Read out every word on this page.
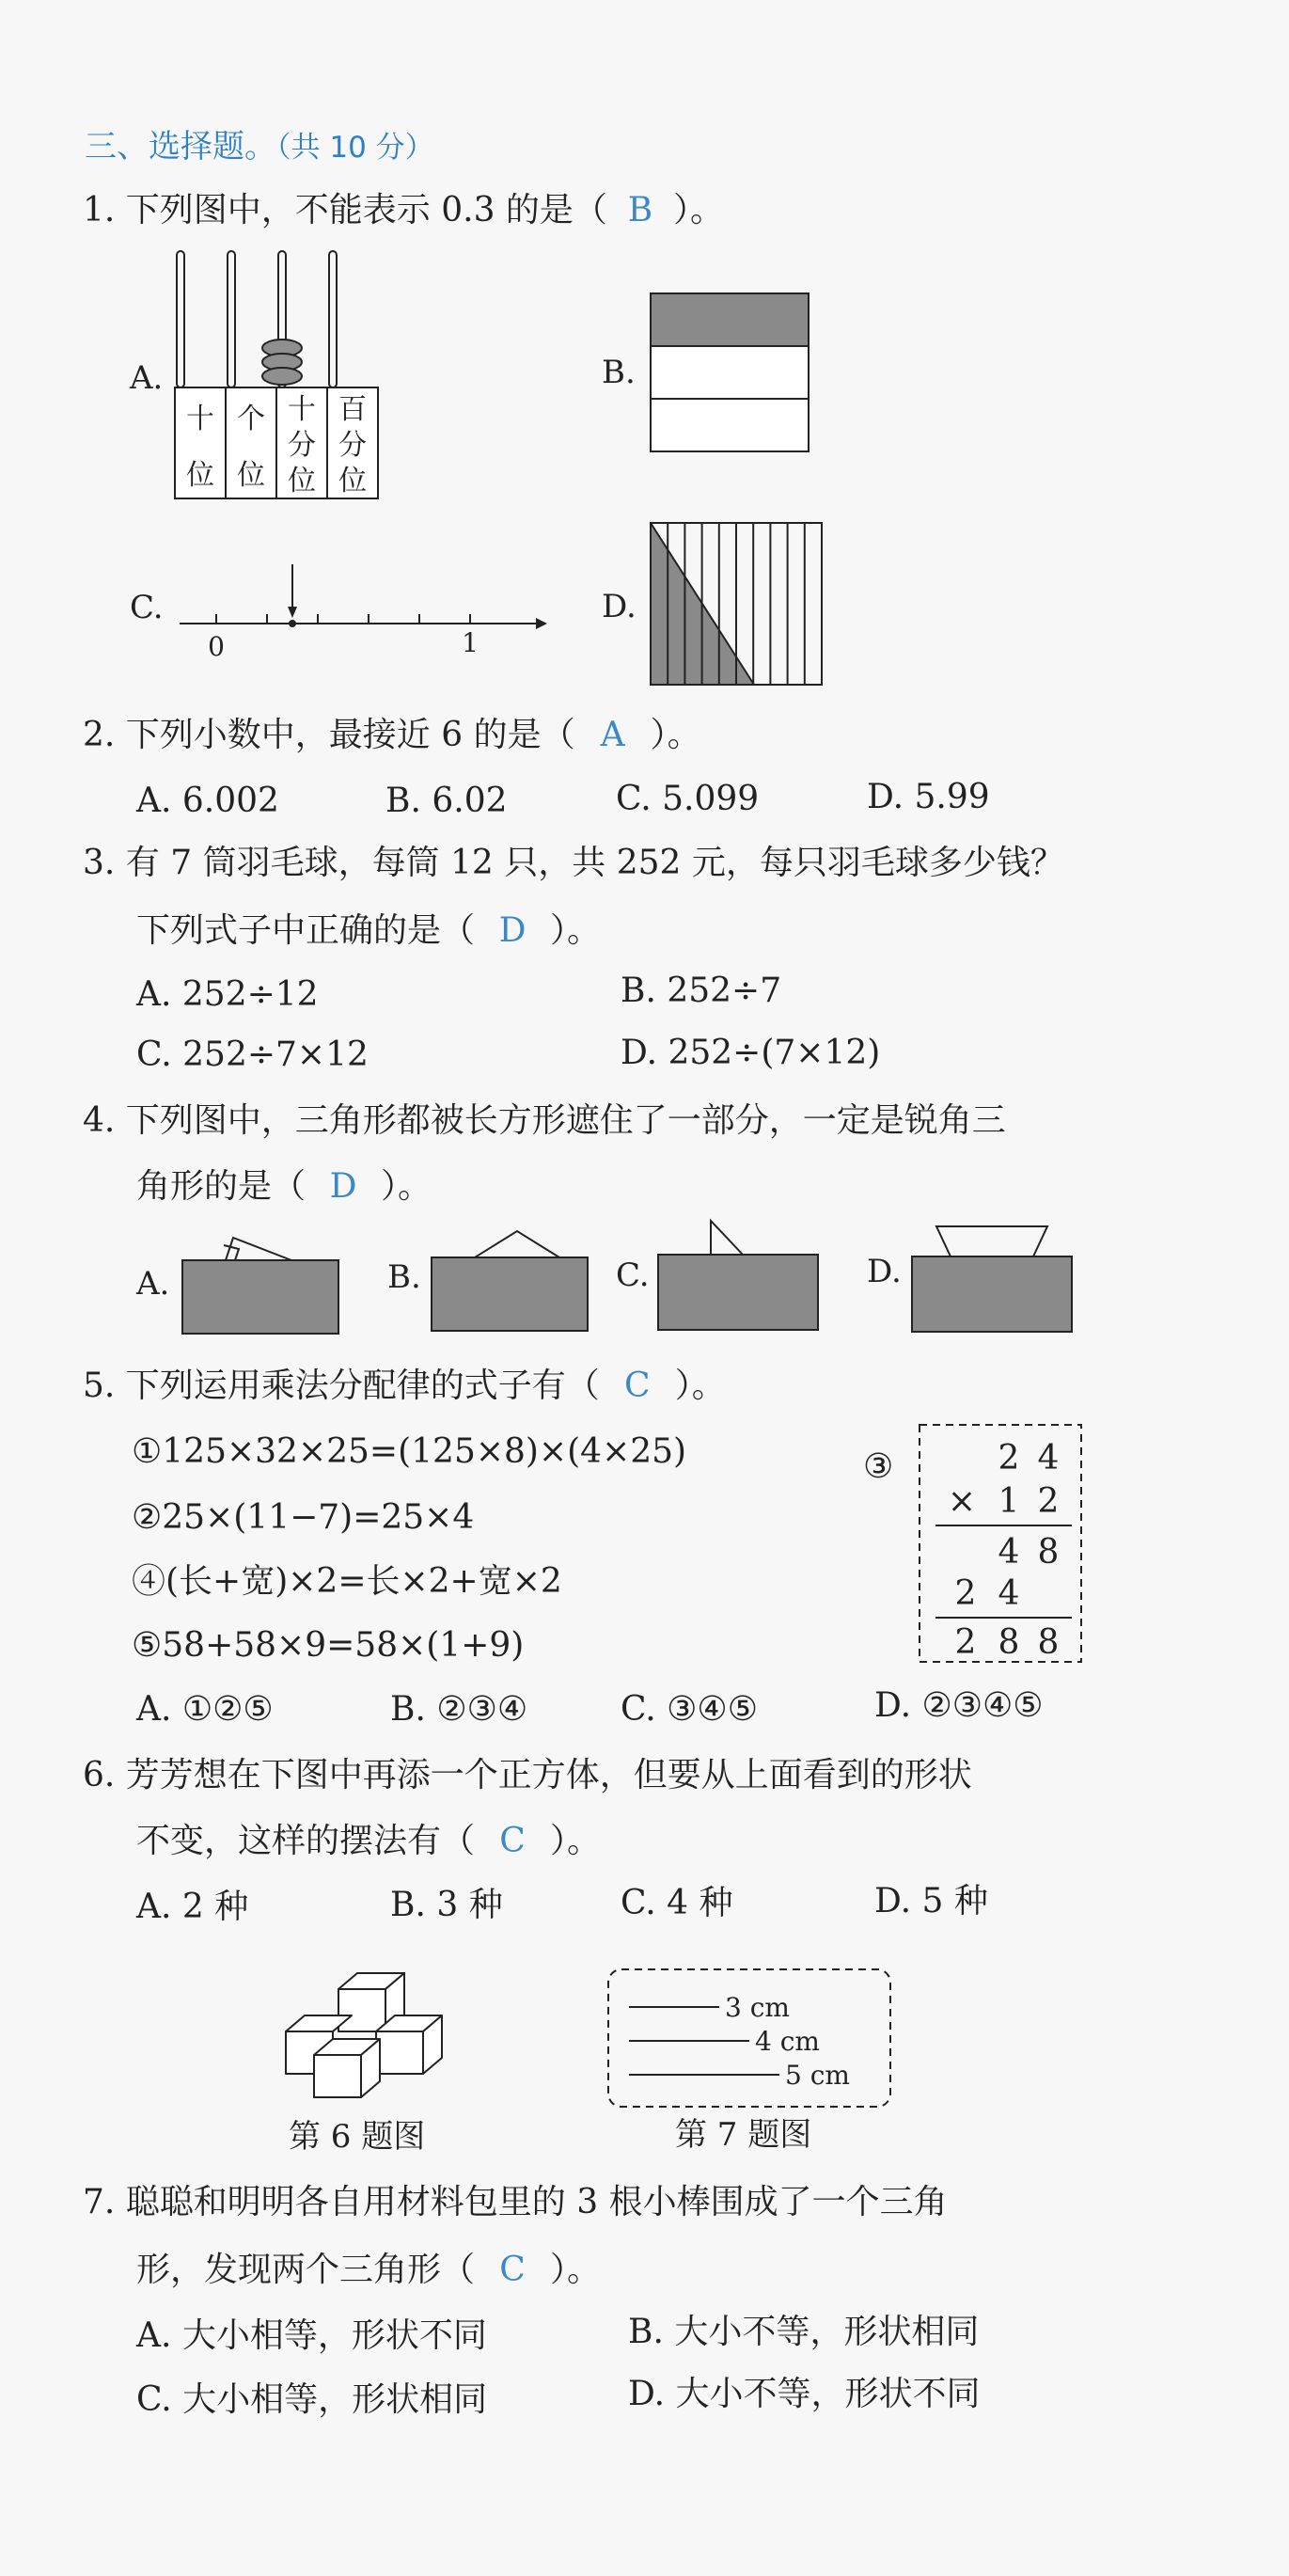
三、选择题。（共 10 分）
1. 下列图中，不能表示 0.3 的是（ B ）。
A.
十
位
个
位
十
分
位
百
分
位
B.
C.
0	1
D.
2. 下列小数中，最接近 6 的是（ A ）。
A. 6.002	B. 6.02	C. 5.099	D. 5.99
3. 有 7 筒羽毛球，每筒 12 只，共 252 元，每只羽毛球多少钱？
下列式子中正确的是（ D ）。
A. 252÷12	B. 252÷7
C. 252÷7×12	D. 252÷(7×12)
4. 下列图中，三角形都被长方形遮住了一部分，一定是锐角三
角形的是（ D ）。
A.	B.	C.	D.
5. 下列运用乘法分配律的式子有（ C ）。
①125×32×25=(125×8)×(4×25)
②25×(11−7)=25×4
④(长+宽)×2=长×2+宽×2
⑤58+58×9=58×(1+9)
③	2 4
× 1 2
4 8
2 4
2 8 8
A. ①②⑤	B. ②③④	C. ③④⑤	D. ②③④⑤
6. 芳芳想在下图中再添一个正方体，但要从上面看到的形状
不变，这样的摆法有（ C ）。
A. 2 种	B. 3 种	C. 4 种	D. 5 种
第 6 题图
3 cm
4 cm
5 cm
第 7 题图
7. 聪聪和明明各自用材料包里的 3 根小棒围成了一个三角
形，发现两个三角形（ C ）。
A. 大小相等，形状不同	B. 大小不等，形状相同
C. 大小相等，形状相同	D. 大小不等，形状不同
